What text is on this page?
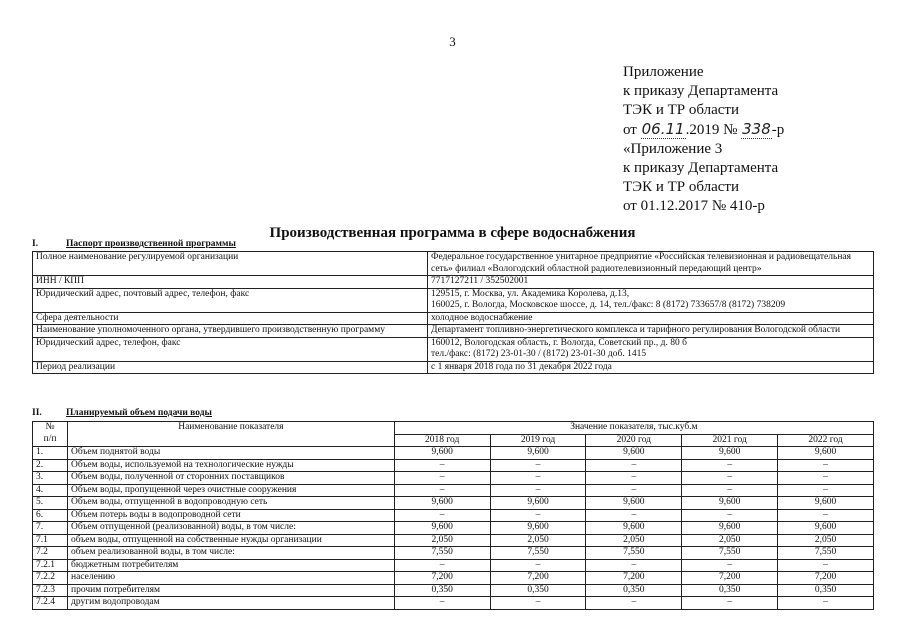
3
Приложение
к приказу Департамента
ТЭК и ТР области
от 06.11.2019 № 338-р
«Приложение 3
к приказу Департамента
ТЭК и ТР области
от 01.12.2017 № 410-р
Производственная программа в сфере водоснабжения
I.	Паспорт производственной программы
Полное наименование регулируемой организации	Федеральное государственное унитарное предприятие «Российская телевизионная и радиовещательная сеть» филиал «Вологодский областной радиотелевизионный передающий центр»
ИНН / КПП	7717127211 / 352502001
Юридический адрес, почтовый адрес, телефон, факс	129515, г. Москва, ул. Академика Королева, д.13,
160025, г. Вологда, Московское шоссе, д. 14, тел./факс: 8 (8172) 733657/8 (8172) 738209
Сфера деятельности	холодное водоснабжение
Наименование уполномоченного органа, утвердившего производственную программу	Департамент топливно-энергетического комплекса и тарифного регулирования Вологодской области
Юридический адрес, телефон, факс	160012, Вологодская область, г. Вологда, Советский пр., д. 80 б
тел./факс: (8172) 23-01-30 / (8172) 23-01-30 доб. 1415
Период реализации	с 1 января 2018 года по 31 декабря 2022 года
II.	Планируемый объем подачи воды
№
п/п	Наименование показателя	Значение показателя, тыс.куб.м				
		2018 год	2019 год	2020 год	2021 год	2022 год
1.	Объем поднятой воды	9,600	9,600	9,600	9,600	9,600
2.	Объем воды, используемой на технологические нужды	–	–	–	–	–
3.	Объем воды, полученной от сторонних поставщиков	–	–	–	–	–
4.	Объем воды, пропущенной через очистные сооружения	–	–	–	–	–
5.	Объем воды, отпущенной в водопроводную сеть	9,600	9,600	9,600	9,600	9,600
6.	Объем потерь воды в водопроводной сети	–	–	–	–	–
7.	Объем отпущенной (реализованной) воды, в том числе:	9,600	9,600	9,600	9,600	9,600
7.1	объем воды, отпущенной на собственные нужды организации	2,050	2,050	2,050	2,050	2,050
7.2	объем реализованной воды, в том числе:	7,550	7,550	7,550	7,550	7,550
7.2.1	бюджетным потребителям	–	–	–	–	–
7.2.2	населению	7,200	7,200	7,200	7,200	7,200
7.2.3	прочим потребителям	0,350	0,350	0,350	0,350	0,350
7.2.4	другим водопроводам	–	–	–	–	–
